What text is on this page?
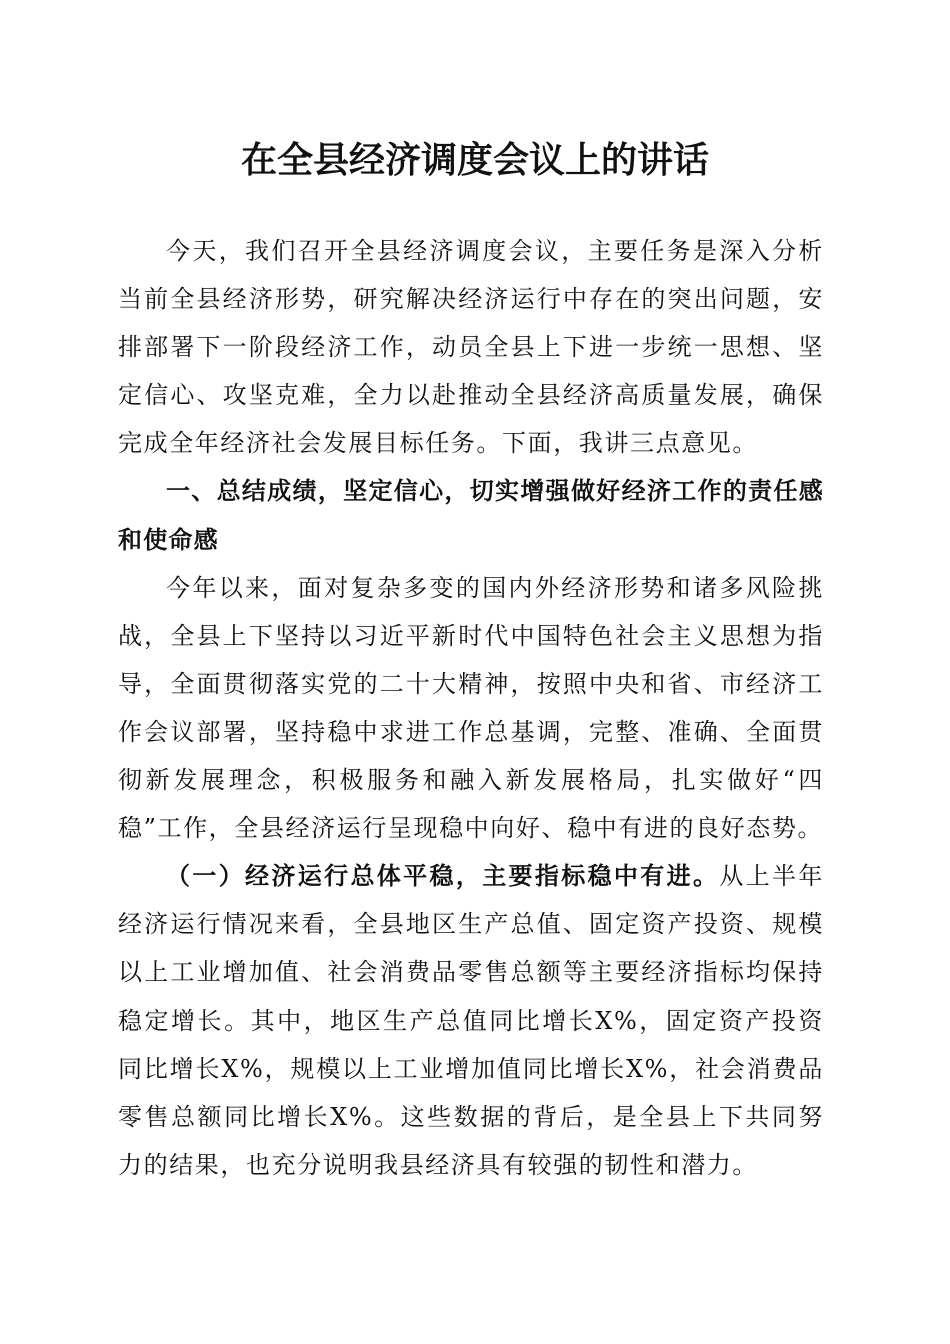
在全县经济调度会议上的讲话

今天，我们召开全县经济调度会议，主要任务是深入分析当前全县经济形势，研究解决经济运行中存在的突出问题，安排部署下一阶段经济工作，动员全县上下进一步统一思想、坚定信心、攻坚克难，全力以赴推动全县经济高质量发展，确保完成全年经济社会发展目标任务。下面，我讲三点意见。

一、总结成绩，坚定信心，切实增强做好经济工作的责任感和使命感

今年以来，面对复杂多变的国内外经济形势和诸多风险挑战，全县上下坚持以习近平新时代中国特色社会主义思想为指导，全面贯彻落实党的二十大精神，按照中央和省、市经济工作会议部署，坚持稳中求进工作总基调，完整、准确、全面贯彻新发展理念，积极服务和融入新发展格局，扎实做好“四稳”工作，全县经济运行呈现稳中向好、稳中有进的良好态势。

（一）经济运行总体平稳，主要指标稳中有进。从上半年经济运行情况来看，全县地区生产总值、固定资产投资、规模以上工业增加值、社会消费品零售总额等主要经济指标均保持稳定增长。其中，地区生产总值同比增长X%，固定资产投资同比增长X%，规模以上工业增加值同比增长X%，社会消费品零售总额同比增长X%。这些数据的背后，是全县上下共同努力的结果，也充分说明我县经济具有较强的韧性和潜力。
